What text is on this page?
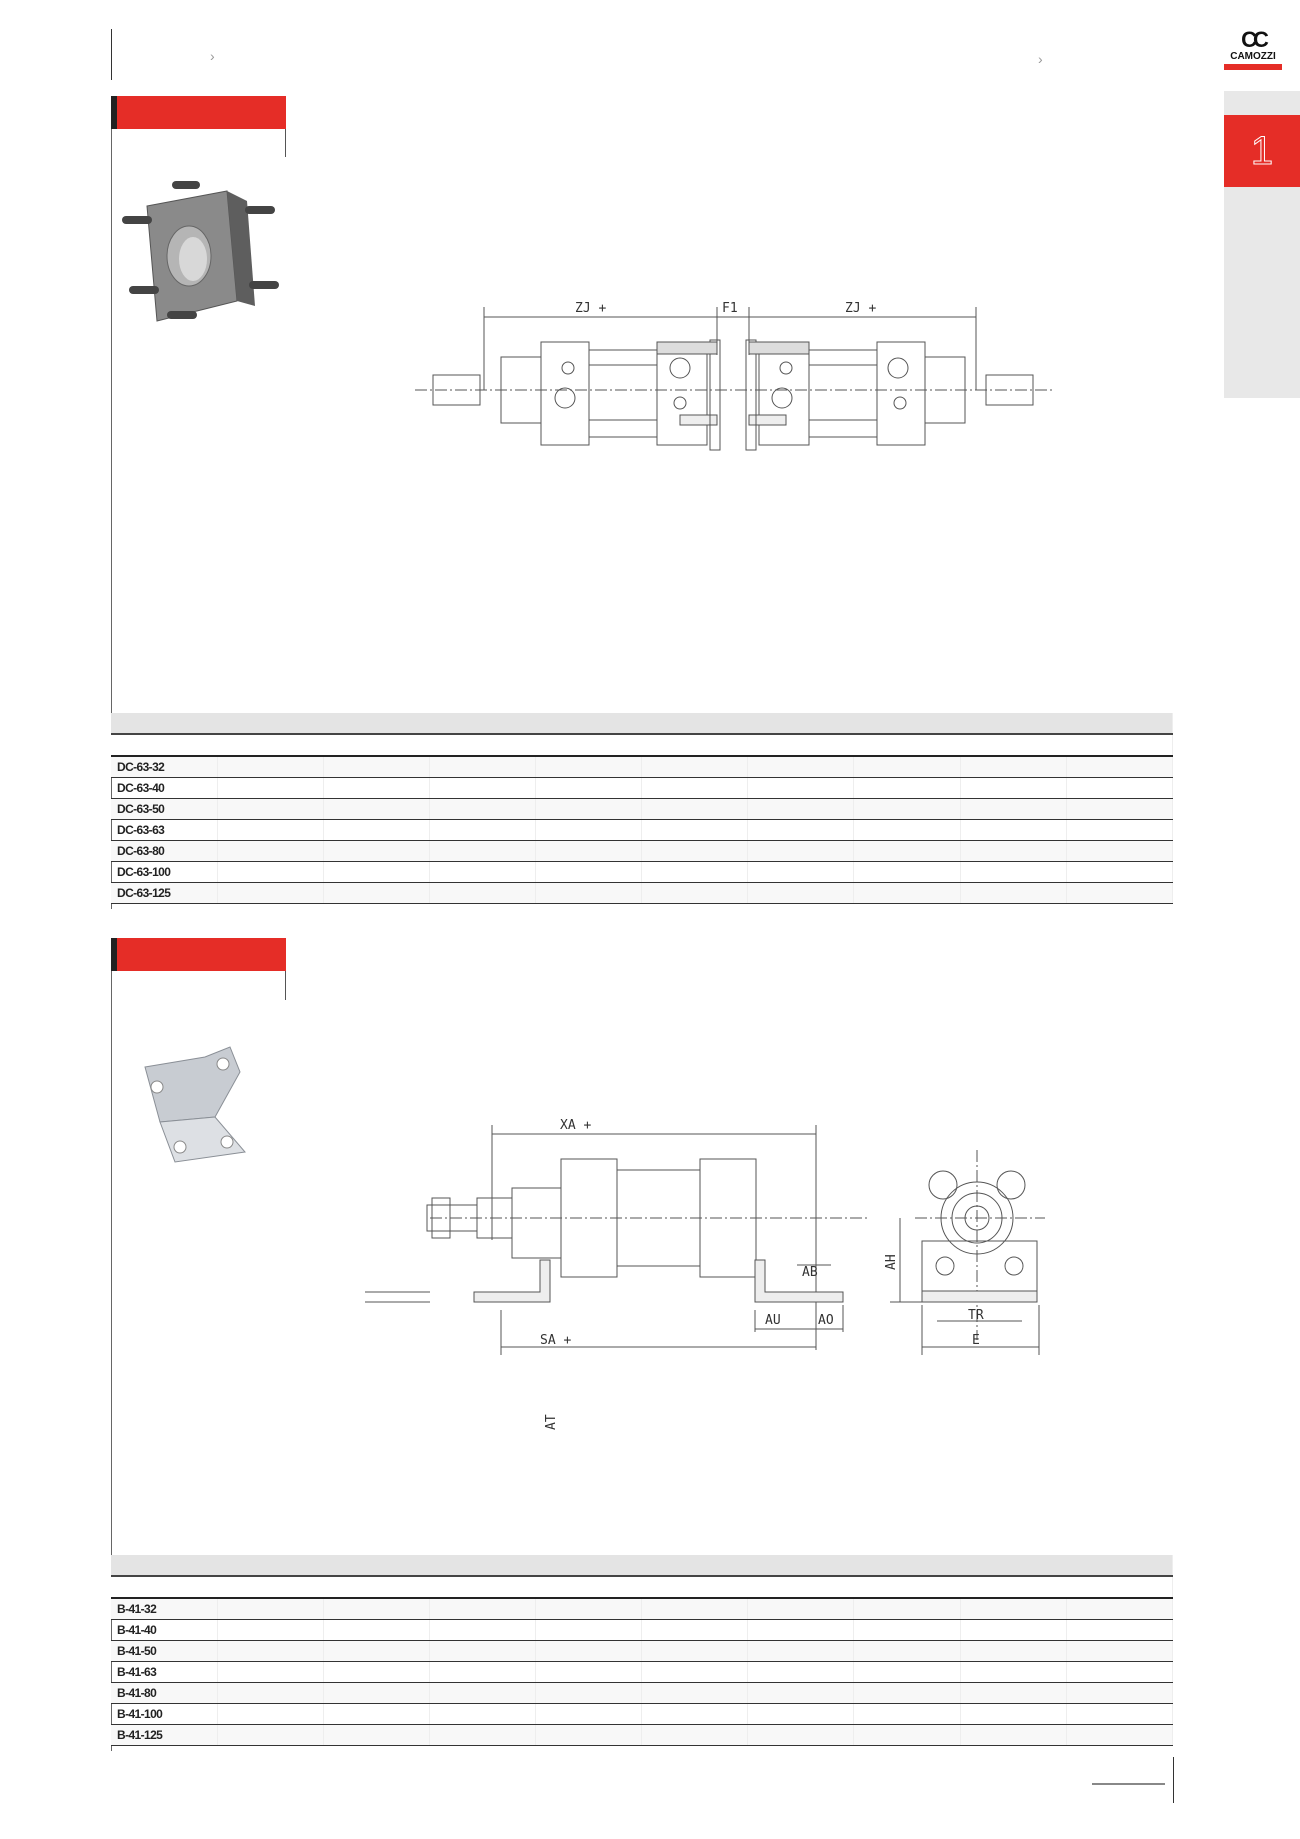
›	›
CC
CAMOZZI
1
ZJ +	F1	ZJ +

DC-63-32									
DC-63-40									
DC-63-50									
DC-63-63									
DC-63-80									
DC-63-100									
DC-63-125									
XA +
AT
AB
AU	AO
SA +
AH
TR
E

B-41-32									
B-41-40									
B-41-50									
B-41-63									
B-41-80									
B-41-100									
B-41-125									
